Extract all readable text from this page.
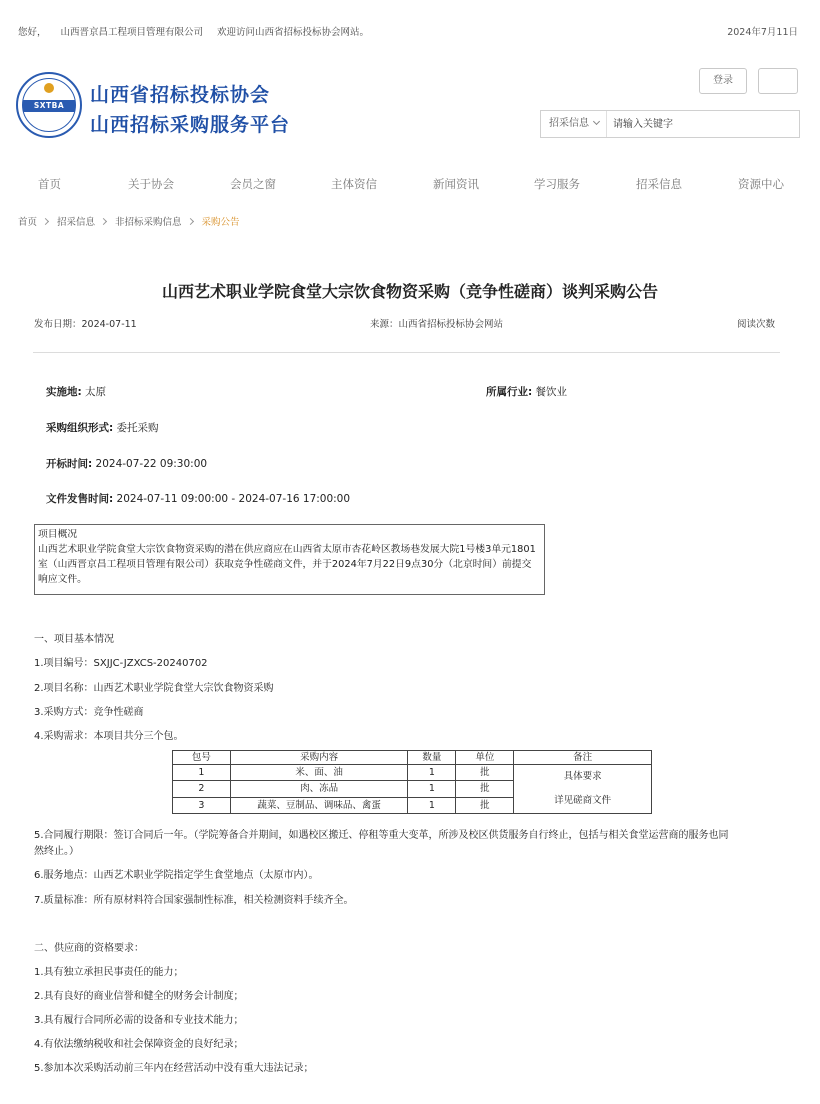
您好， 山西晋京昌工程项目管理有限公司 欢迎访问山西省招标投标协会网站。	2024年7月11日
SXTBA	山西省招标投标协会
山西招标采购服务平台
登录
招采信息
请输入关键字
首页	关于协会	会员之窗	主体资信	新闻资讯	学习服务	招采信息	资源中心
首页 招采信息 非招标采购信息 采购公告
山西艺术职业学院食堂大宗饮食物资采购（竞争性磋商）谈判采购公告
发布日期：2024-07-11	来源：山西省招标投标协会网站	阅读次数
实施地: 太原	所属行业: 餐饮业
采购组织形式: 委托采购
开标时间: 2024-07-22 09:30:00
文件发售时间: 2024-07-11 09:00:00 - 2024-07-16 17:00:00
项目概况
山西艺术职业学院食堂大宗饮食物资采购的潜在供应商应在山西省太原市杏花岭区教场巷发展大院1号楼3单元1801室（山西晋京昌工程项目管理有限公司）获取竞争性磋商文件，并于2024年7月22日9点30分（北京时间）前提交响应文件。
一、项目基本情况
1.项目编号：SXJJC-JZXCS-20240702
2.项目名称：山西艺术职业学院食堂大宗饮食物资采购
3.采购方式：竞争性磋商
4.采购需求：本项目共分三个包。
包号	采购内容	数量	单位	备注
1	米、面、油	1	批	具体要求
详见磋商文件

2	肉、冻品	1	批	
3	蔬菜、豆制品、调味品、禽蛋	1	批	
5.合同履行期限：签订合同后一年。（学院筹备合并期间，如遇校区搬迁、停租等重大变革，所涉及校区供货服务自行终止，包括与相关食堂运营商的服务也同
然终止。）
6.服务地点：山西艺术职业学院指定学生食堂地点（太原市内）。
7.质量标准：所有原材料符合国家强制性标准，相关检测资料手续齐全。
二、供应商的资格要求：
1.具有独立承担民事责任的能力；
2.具有良好的商业信誉和健全的财务会计制度；
3.具有履行合同所必需的设备和专业技术能力；
4.有依法缴纳税收和社会保障资金的良好纪录；
5.参加本次采购活动前三年内在经营活动中没有重大违法记录；
